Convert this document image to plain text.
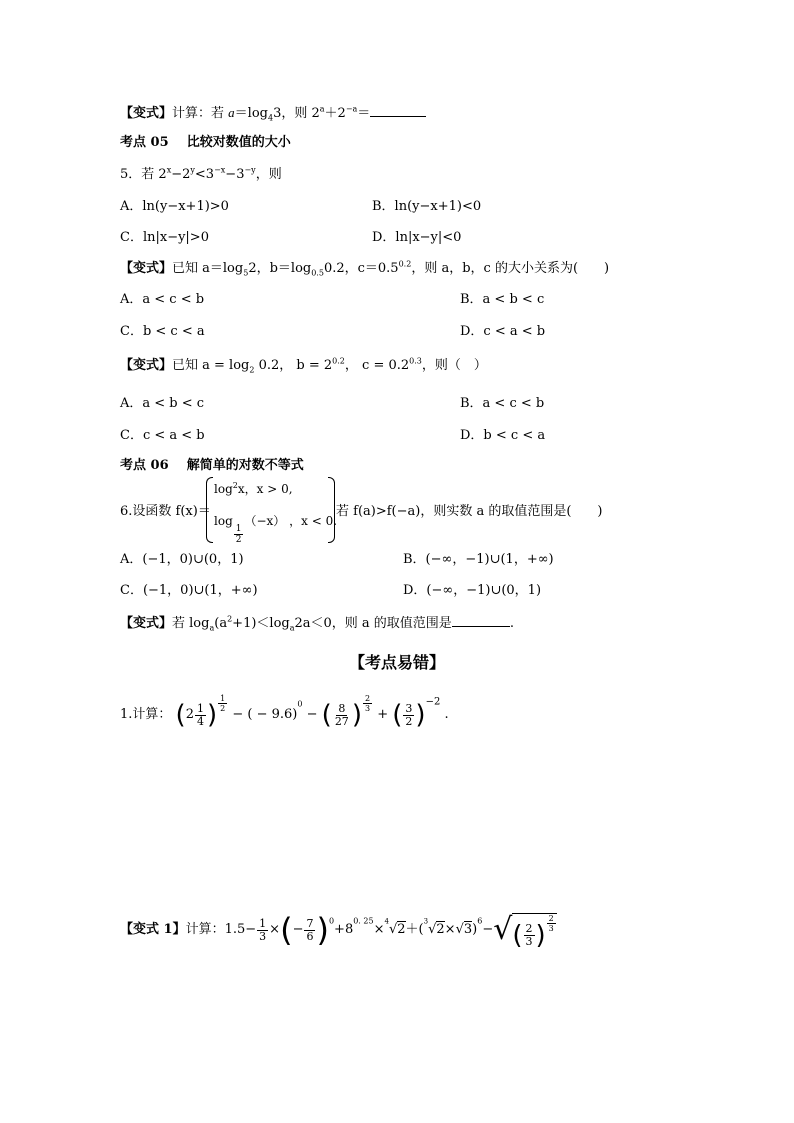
【变式】计算：若 $a=\log_43$，则 $2^a+2^{-a}=$
考点 05 比较对数值的大小
5．若 $2^x-2^y<3^{-x}-3^{-y}$，则
A．ln(y−x+1)>0	B．ln(y−x+1)<0
C．ln|x−y|>0	D．ln|x−y|<0
【变式】已知 $a=\log_52$，$b=\log_{0.5}0.2$，$c=0.5^{0.2}$，则 a，b，c 的大小关系为(　　)
A．a < c < b	B．a < b < c
C．b < c < a	D．c < a < b
【变式】已知 $a = \log_2 0.2$， $b = 2^{0.2}$， $c = 0.2^{0.3}$，则（　）
A．a < b < c	B．a < c < b
C．c < a < b	D．b < c < a
考点 06 解简单的对数不等式
6.设函数 f(x)＝
$\log^2x$，x > 0,
log
$\frac{1}{2}$
（−x） ，x < 0.
若 f(a)>f(−a)，则实数 a 的取值范围是(　　)
A．(−1，0)∪(0，1)	B．(−∞，−1)∪(1，+∞)
C．(−1，0)∪(1，+∞)	D．(−∞，−1)∪(0，1)
【变式】若 $\log_a(a^2+1)<\log_a2a<0$，则 a 的取值范围是	.
【考点易错】
1.计算： ($2 \frac{1}{4}$ ) $\frac{1}{2}$
− ( − 9.6)$^0$ − ( $\frac{8}{27}$ ) $\frac{2}{3}$
+ ( $\frac{3}{2} )^{-2}$ .
【变式 1】计算：$1.5- \frac{1}{3}$ ×(− $\frac{7}{6} )^0+8^{0. 25}\times^4√2+(^3√2\times√3)^6-√( \frac{2}{3}$ ) $\frac{2}{3}$
